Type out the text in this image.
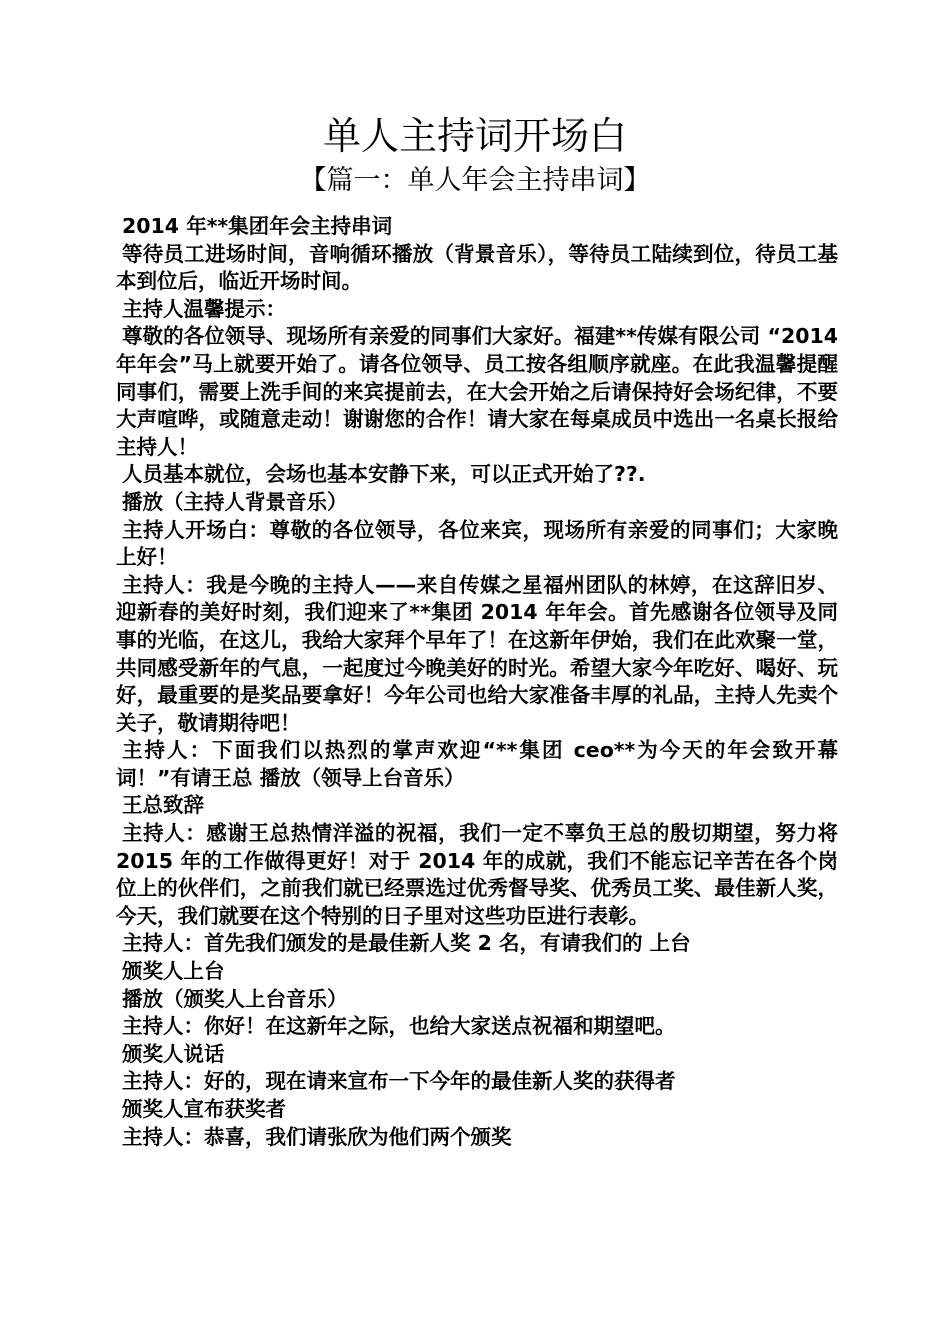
单人主持词开场白
【篇一：单人年会主持串词】

2014 年**集团年会主持串词

等待员工进场时间，音响循环播放（背景音乐），等待员工陆续到位，待员工基本到位后，临近开场时间。

主持人温馨提示：

尊敬的各位领导、现场所有亲爱的同事们大家好。福建**传媒有限公司 “2014 年年会”马上就要开始了。请各位领导、员工按各组顺序就座。在此我温馨提醒同事们，需要上洗手间的来宾提前去，在大会开始之后请保持好会场纪律，不要大声喧哗，或随意走动！谢谢您的合作！请大家在每桌成员中选出一名桌长报给主持人！

人员基本就位，会场也基本安静下来，可以正式开始了??.

播放（主持人背景音乐）

主持人开场白：尊敬的各位领导，各位来宾，现场所有亲爱的同事们；大家晚上好！

主持人：我是今晚的主持人——来自传媒之星福州团队的林婷，在这辞旧岁、迎新春的美好时刻，我们迎来了**集团 2014 年年会。首先感谢各位领导及同事的光临，在这儿，我给大家拜个早年了！在这新年伊始，我们在此欢聚一堂，共同感受新年的气息，一起度过今晚美好的时光。希望大家今年吃好、喝好、玩好，最重要的是奖品要拿好！今年公司也给大家准备丰厚的礼品，主持人先卖个关子，敬请期待吧！

主持人：下面我们以热烈的掌声欢迎“**集团 ceo**为今天的年会致开幕词！”有请王总 播放（领导上台音乐）

王总致辞

主持人：感谢王总热情洋溢的祝福，我们一定不辜负王总的殷切期望，努力将 2015 年的工作做得更好！对于 2014 年的成就，我们不能忘记辛苦在各个岗位上的伙伴们，之前我们就已经票选过优秀督导奖、优秀员工奖、最佳新人奖，今天，我们就要在这个特别的日子里对这些功臣进行表彰。

主持人：首先我们颁发的是最佳新人奖 2 名，有请我们的 上台

颁奖人上台

播放（颁奖人上台音乐）

主持人：你好！在这新年之际，也给大家送点祝福和期望吧。

颁奖人说话

主持人：好的，现在请来宣布一下今年的最佳新人奖的获得者

颁奖人宣布获奖者

主持人：恭喜，我们请张欣为他们两个颁奖
